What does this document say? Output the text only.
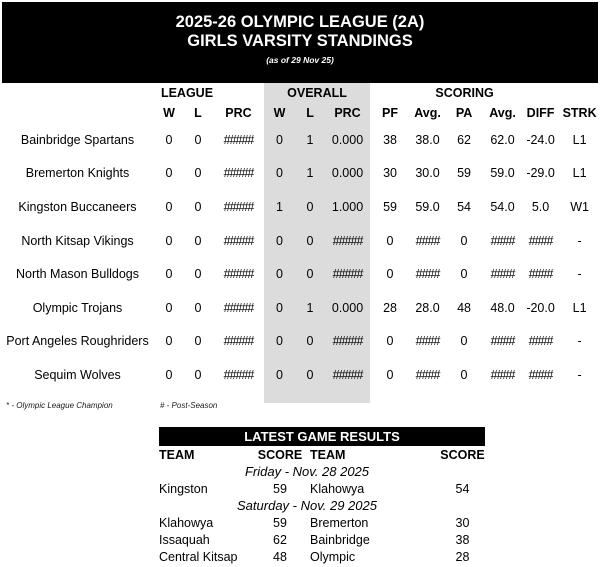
2025-26 OLYMPIC LEAGUE (2A)
GIRLS VARSITY STANDINGS
(as of 29 Nov 25)
	LEAGUE			OVERALL			SCORING					
	W	L	PRC	W	L	PRC	PF	Avg.	PA	Avg.	DIFF	STRK
Bainbridge Spartans	0	0	#####	0	1	0.000	38	38.0	62	62.0	-24.0	L1
Bremerton Knights	0	0	#####	0	1	0.000	30	30.0	59	59.0	-29.0	L1
Kingston Buccaneers	0	0	#####	1	0	1.000	59	59.0	54	54.0	5.0	W1
North Kitsap Vikings	0	0	#####	0	0	#####	0	####	0	####	####	-
North Mason Bulldogs	0	0	#####	0	0	#####	0	####	0	####	####	-
Olympic Trojans	0	0	#####	0	1	0.000	28	28.0	48	48.0	-20.0	L1
Port Angeles Roughriders	0	0	#####	0	0	#####	0	####	0	####	####	-
Sequim Wolves	0	0	#####	0	0	#####	0	####	0	####	####	-

* - Olympic League Champion	# - Post-Season
LATEST GAME RESULTS
TEAM	SCORE	TEAM	SCORE
Friday - Nov. 28 2025			
Kingston	59	Klahowya	54
Saturday - Nov. 29 2025			
Klahowya	59	Bremerton	30
Issaquah	62	Bainbridge	38
Central Kitsap	48	Olympic	28
